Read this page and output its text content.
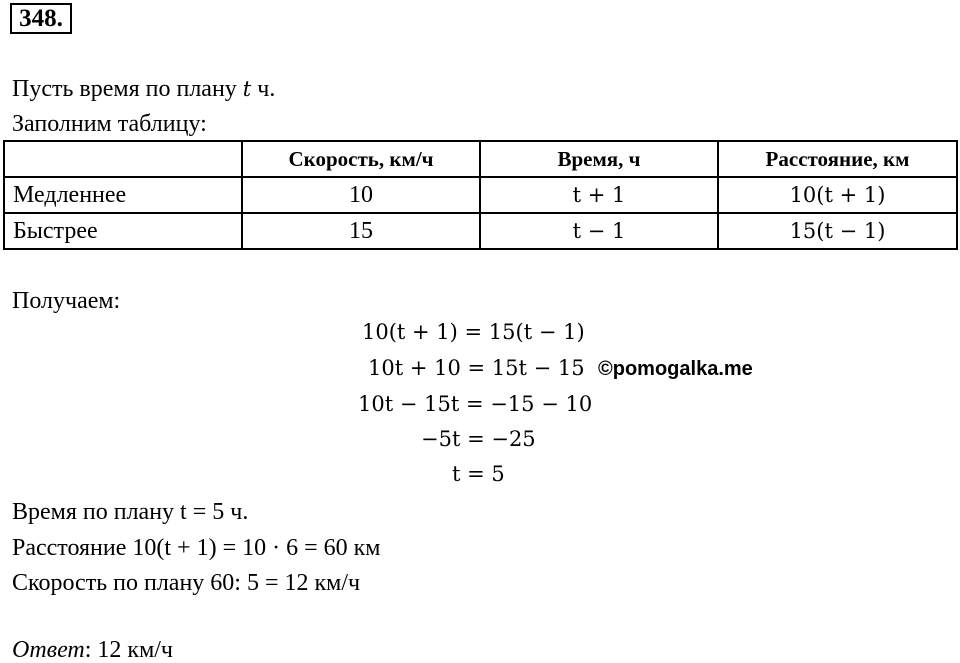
348.
Пусть время по плану t ч.
Заполним таблицу:
	Скорость, км/ч	Время, ч	Расстояние, км
Медленнее	10	t + 1	10(t + 1)
Быстрее	15	t − 1	15(t − 1)
Получаем:
10(t + 1) = 15(t − 1)
10t + 10 = 15t − 15 ©pomogalka.me
10t − 15t = −15 − 10
−5t = −25
t = 5
Время по плану t = 5 ч.
Расстояние 10(t + 1) = 10 · 6 = 60 км
Скорость по плану 60: 5 = 12 км/ч
Ответ: 12 км/ч
